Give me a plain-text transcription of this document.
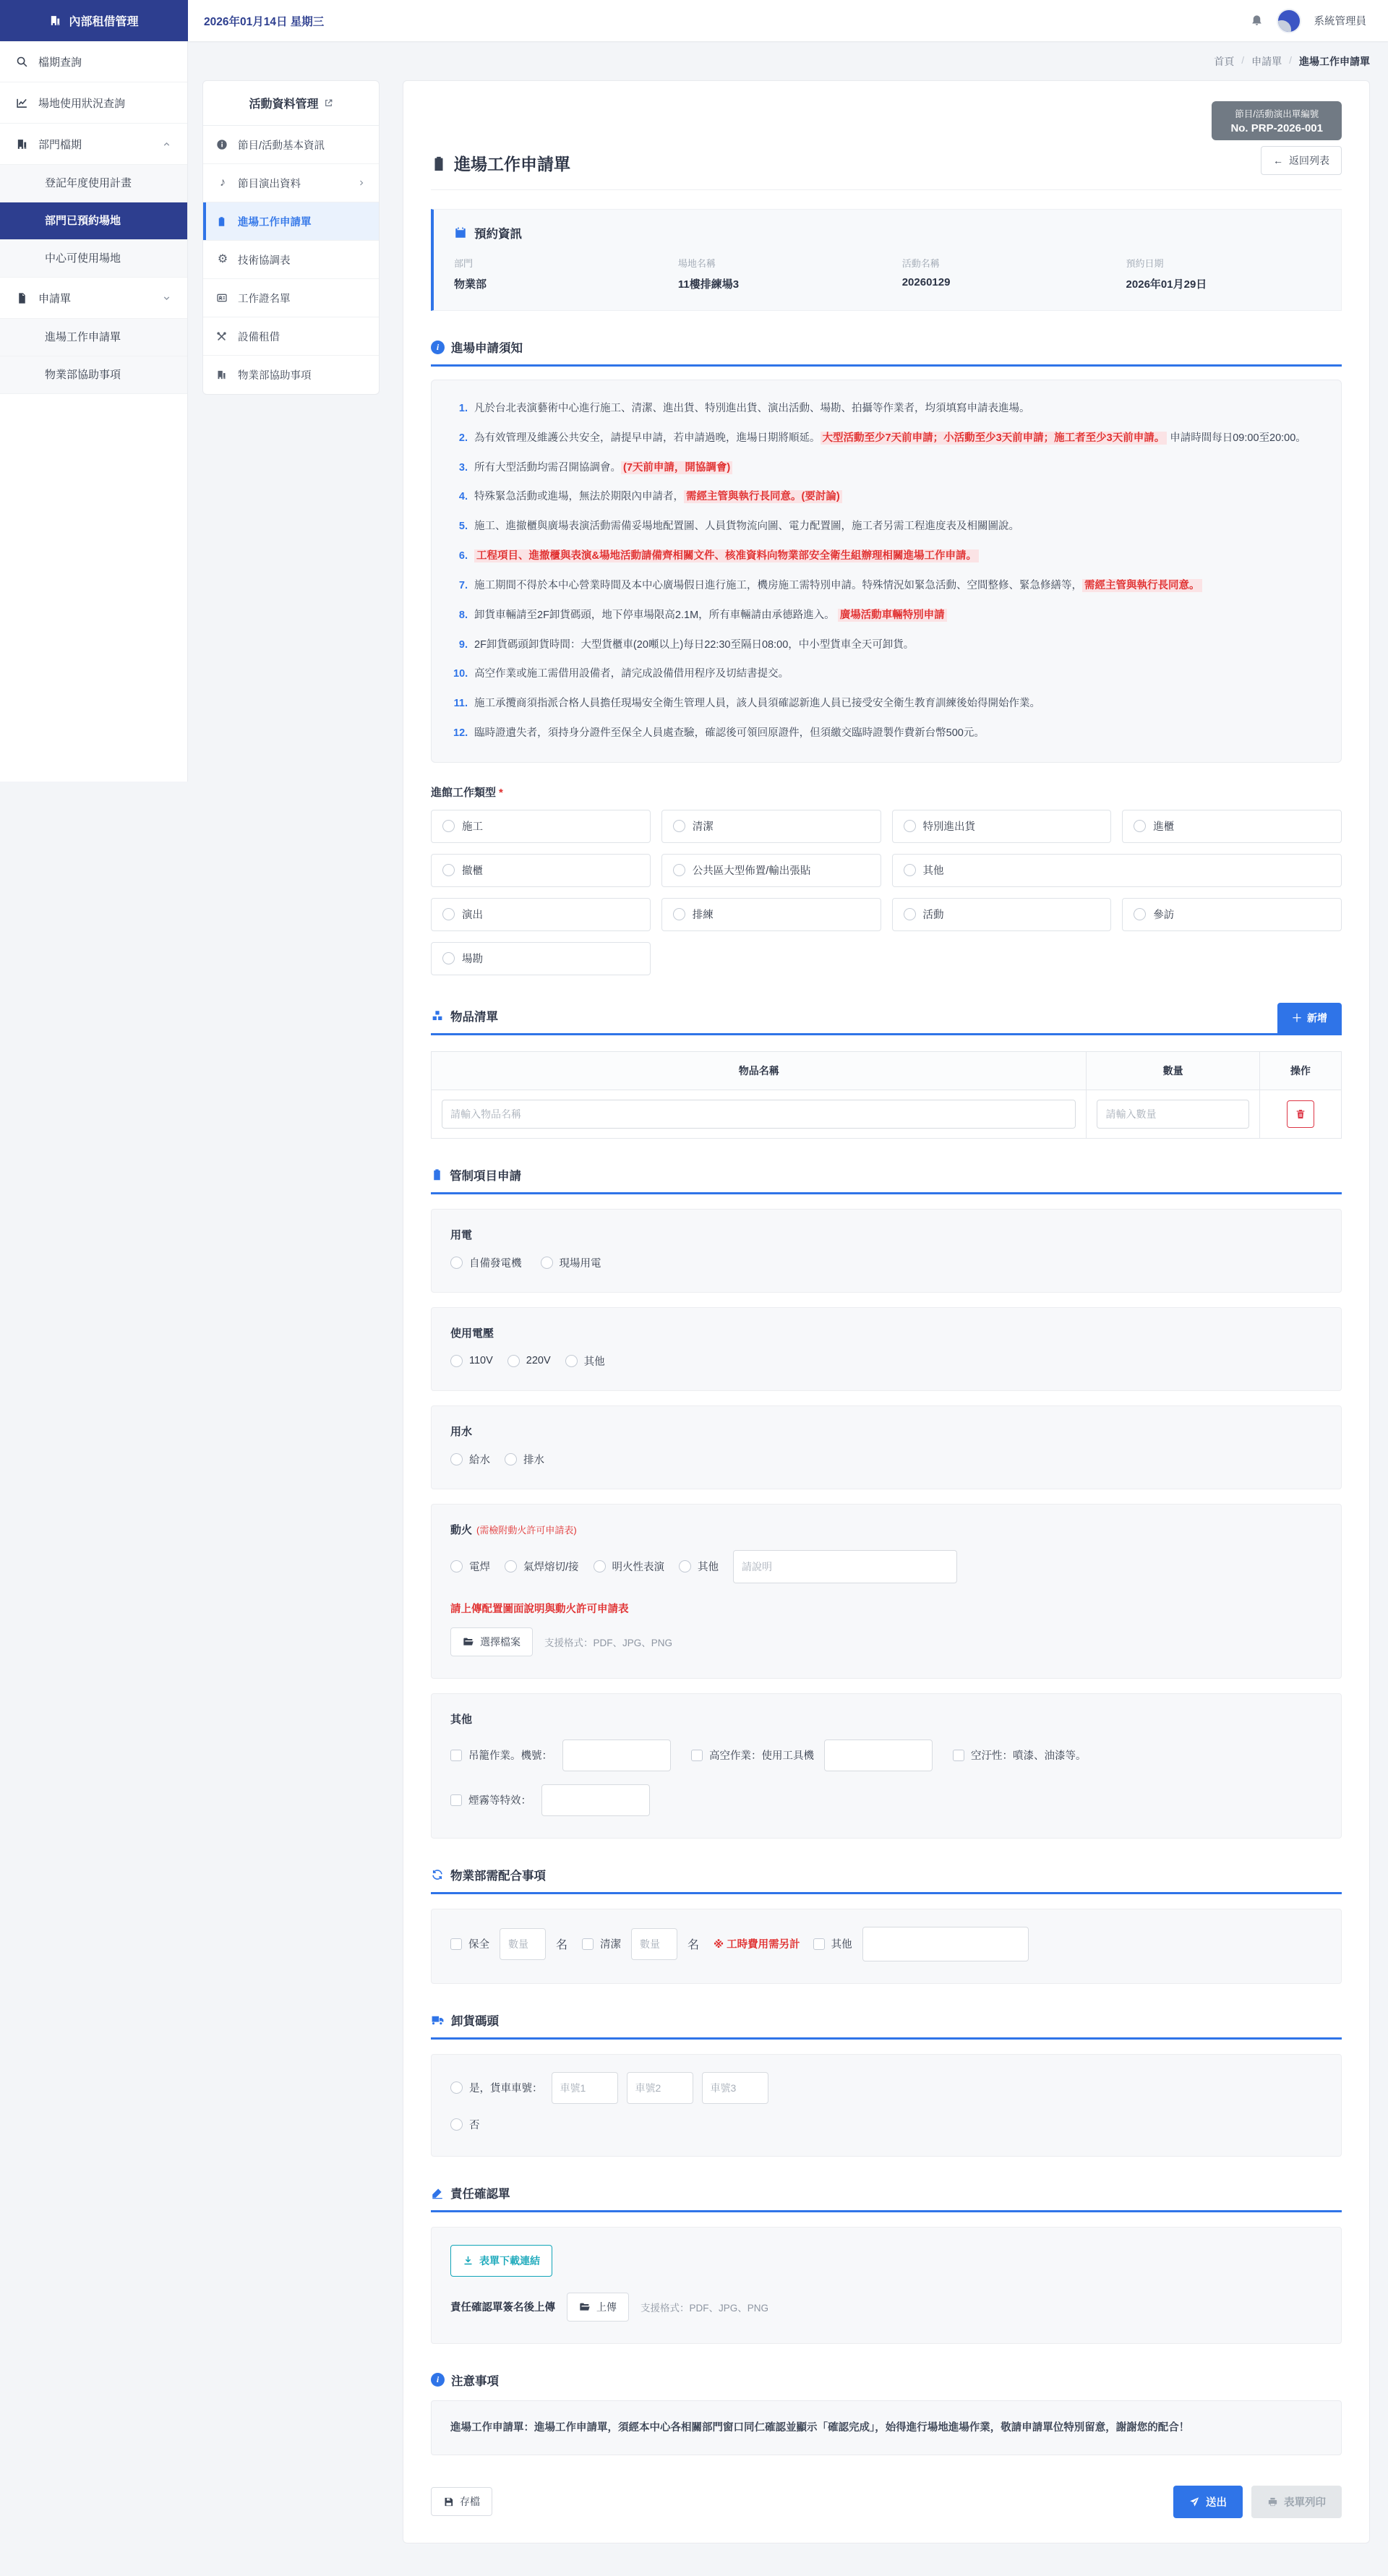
內部租借管理	2026年01月14日 星期三	系統管理員
檔期查詢
場地使用狀況查詢
部門檔期
登記年度使用計畫
部門已預約場地
中心可使用場地
申請單
進場工作申請單
物業部協助事項
首頁 / 申請單 / 進場工作申請單
活動資料管理
節目/活動基本資訊
♪	節目演出資料
進場工作申請單
⚙ 技術協調表
工作證名單
設備租借
物業部協助事項
節目/活動演出單編號
No. PRP-2026-001
進場工作申請單	← 返回列表
預約資訊
部門
物業部
場地名稱
11樓排練場3
活動名稱
20260129
預約日期
2026年01月29日
i	進場申請須知
1. 凡於台北表演藝術中心進行施工、清潔、進出貨、特別進出貨、演出活動、場勘、拍攝等作業者，均須填寫申請表進場。
2. 為有效管理及維護公共安全，請提早申請，若申請過晚，進場日期將順延。 大型活動至少7天前申請；小活動至少3天前申請；施工者至少3天前申請。 申請時間每日09:00至20:00。
3. 所有大型活動均需召開協調會。 (7天前申請，開協調會)
4. 特殊緊急活動或進場，無法於期限內申請者， 需經主管與執行長同意。(要討論)
5. 施工、進撤櫃與廣場表演活動需備妥場地配置圖、人員貨物流向圖、電力配置圖，施工者另需工程進度表及相關圖說。
6. 工程項目、進撤櫃與表演&場地活動請備齊相關文件、核准資料向物業部安全衛生組辦理相關進場工作申請。
7. 施工期間不得於本中心營業時間及本中心廣場假日進行施工，機房施工需特別申請。特殊情況如緊急活動、空間整修、緊急修繕等， 需經主管與執行長同意。
8. 卸貨車輛請至2F卸貨碼頭，地下停車場限高2.1M，所有車輛請由承德路進入。 廣場活動車輛特別申請
9. 2F卸貨碼頭卸貨時間：大型貨櫃車(20噸以上)每日22:30至隔日08:00，中小型貨車全天可卸貨。
10. 高空作業或施工需借用設備者，請完成設備借用程序及切結書提交。
11. 施工承攬商須指派合格人員擔任現場安全衛生管理人員，該人員須確認新進人員已接受安全衛生教育訓練後始得開始作業。
12. 臨時證遺失者，須持身分證件至保全人員處查驗，確認後可領回原證件，但須繳交臨時證製作費新台幣500元。
進館工作類型 *
施工	清潔	特別進出貨	進櫃
撤櫃	公共區大型佈置/輸出張貼	其他
演出	排練	活動	參訪
場勘
物品清單	＋ 新增
物品名稱	數量	操作
請輸入物品名稱	請輸入數量	
管制項目申請
用電
自備發電機	現場用電
使用電壓
110V	220V	其他
用水
給水	排水
動火 (需檢附動火許可申請表)
電焊	氣焊熔切/接	明火性表演	其他
請說明
請上傳配置圖面說明與動火許可申請表
選擇檔案 支援格式：PDF、JPG、PNG
其他
吊籠作業。機號：	高空作業：使用工具機	空汙性：噴漆、油漆等。
煙霧等特效：
物業部需配合事項
保全
數量	名	清潔
數量	名 ※ 工時費用需另計	其他
卸貨碼頭
是，貨車車號：
車號1
車號2
車號3
否
責任確認單
表單下載連結
責任確認單簽名後上傳	上傳 支援格式：PDF、JPG、PNG
i	注意事項
進場工作申請單：進場工作申請單，須經本中心各相關部門窗口同仁確認並顯示「確認完成」，始得進行場地進場作業，敬請申請單位特別留意，謝謝您的配合！
存檔	送出	表單列印
